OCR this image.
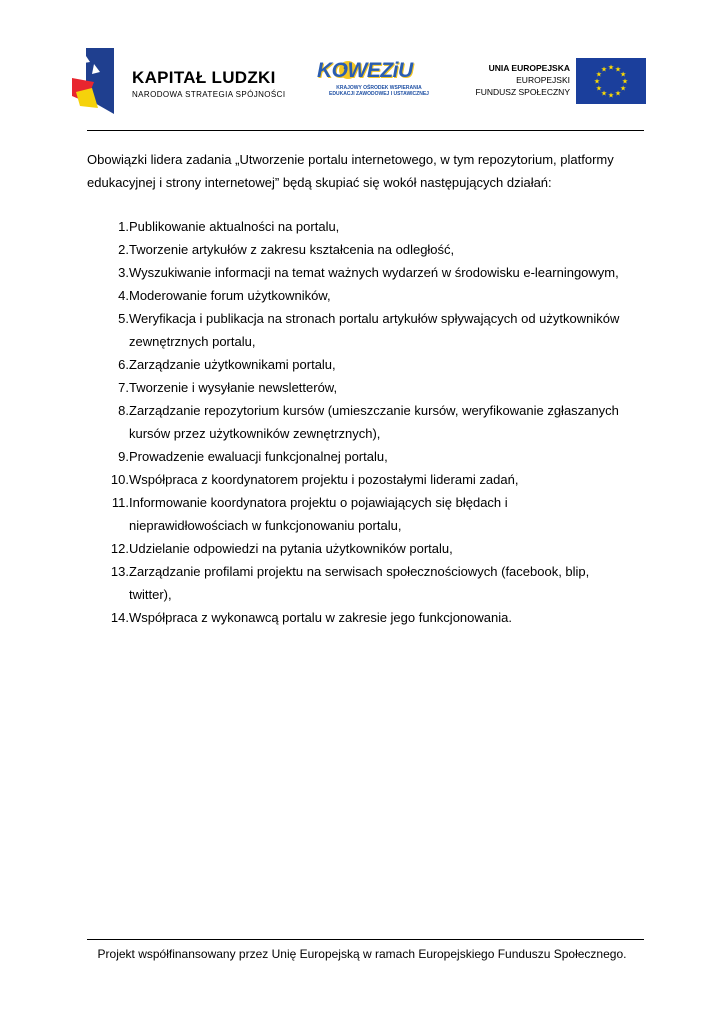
KAPITAŁ LUDZKI
NARODOWA STRATEGIA SPÓJNOŚCI
KOWEZiU
KRAJOWY OŚRODEK WSPIERANIA
EDUKACJI ZAWODOWEJ I USTAWICZNEJ
UNIA EUROPEJSKA
EUROPEJSKI
FUNDUSZ SPOŁECZNY
★
★
★
★
★
★
★
★
★ ★ ★
★

Obowiązki lidera zadania „Utworzenie portalu internetowego, w tym repozytorium, platformy
edukacyjnej i strony internetowej” będą skupiać się wokół następujących działań:

1. Publikowanie aktualności na portalu,
2. Tworzenie artykułów z zakresu kształcenia na odległość,
3. Wyszukiwanie informacji na temat ważnych wydarzeń w środowisku e-learningowym,
4. Moderowanie forum użytkowników,
5. Weryfikacja i publikacja na stronach portalu artykułów spływających od użytkowników
zewnętrznych portalu,
6. Zarządzanie użytkownikami portalu,
7. Tworzenie i wysyłanie newsletterów,
8. Zarządzanie repozytorium kursów (umieszczanie kursów, weryfikowanie zgłaszanych
kursów przez użytkowników zewnętrznych),
9. Prowadzenie ewaluacji funkcjonalnej portalu,
10. Współpraca z koordynatorem projektu i pozostałymi liderami zadań,
11. Informowanie koordynatora projektu o pojawiających się błędach i
nieprawidłowościach w funkcjonowaniu portalu,
12. Udzielanie odpowiedzi na pytania użytkowników portalu,
13. Zarządzanie profilami projektu na serwisach społecznościowych (facebook, blip,
twitter),
14. Współpraca z wykonawcą portalu w zakresie jego funkcjonowania.
Projekt współfinansowany przez Unię Europejską w ramach Europejskiego Funduszu Społecznego.
